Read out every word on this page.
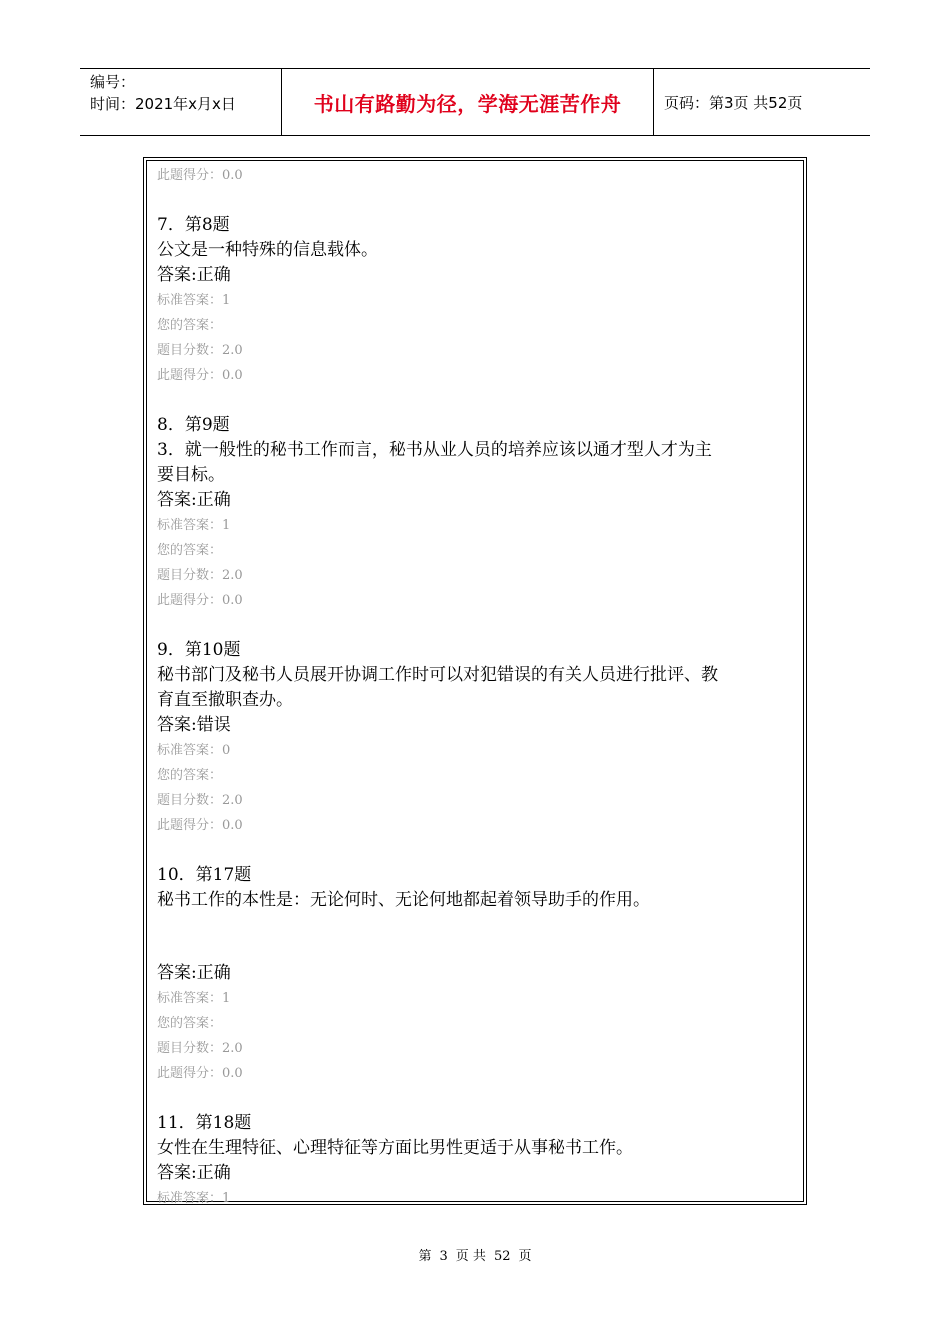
编号：
时间：2021年x月x日	书山有路勤为径，学海无涯苦作舟	页码：第3页 共52页
此题得分：0.0
7．第8题
公文是一种特殊的信息载体。
答案:正确
标准答案：1
您的答案：
题目分数：2.0
此题得分：0.0
8．第9题
3．就一般性的秘书工作而言，秘书从业人员的培养应该以通才型人才为主
要目标。
答案:正确
标准答案：1
您的答案：
题目分数：2.0
此题得分：0.0
9．第10题
秘书部门及秘书人员展开协调工作时可以对犯错误的有关人员进行批评、教
育直至撤职查办。
答案:错误
标准答案：0
您的答案：
题目分数：2.0
此题得分：0.0
10．第17题
秘书工作的本性是：无论何时、无论何地都起着领导助手的作用。
答案:正确
标准答案：1
您的答案：
题目分数：2.0
此题得分：0.0
11．第18题
女性在生理特征、心理特征等方面比男性更适于从事秘书工作。
答案:正确
标准答案：1
第 3 页 共 52 页
